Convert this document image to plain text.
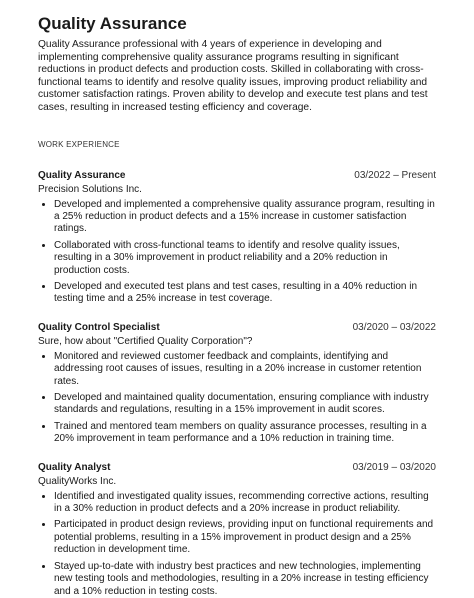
Quality Assurance

Quality Assurance professional with 4 years of experience in developing and implementing comprehensive quality assurance programs resulting in significant reductions in product defects and production costs. Skilled in collaborating with cross-functional teams to identify and resolve quality issues, improving product reliability and customer satisfaction ratings. Proven ability to develop and execute test plans and test cases, resulting in increased testing efficiency and coverage.

WORK EXPERIENCE
Quality Assurance	03/2022 – Present
Precision Solutions Inc.
• Developed and implemented a comprehensive quality assurance program, resulting in a 25% reduction in product defects and a 15% increase in customer satisfaction ratings.
• Collaborated with cross-functional teams to identify and resolve quality issues, resulting in a 30% improvement in product reliability and a 20% reduction in production costs.
• Developed and executed test plans and test cases, resulting in a 40% reduction in testing time and a 25% increase in test coverage.
Quality Control Specialist	03/2020 – 03/2022
Sure, how about "Certified Quality Corporation"?
• Monitored and reviewed customer feedback and complaints, identifying and addressing root causes of issues, resulting in a 20% increase in customer retention rates.
• Developed and maintained quality documentation, ensuring compliance with industry standards and regulations, resulting in a 15% improvement in audit scores.
• Trained and mentored team members on quality assurance processes, resulting in a 20% improvement in team performance and a 10% reduction in training time.
Quality Analyst	03/2019 – 03/2020
QualityWorks Inc.
• Identified and investigated quality issues, recommending corrective actions, resulting in a 30% reduction in product defects and a 20% increase in product reliability.
• Participated in product design reviews, providing input on functional requirements and potential problems, resulting in a 15% improvement in product design and a 25% reduction in development time.
• Stayed up-to-date with industry best practices and new technologies, implementing new testing tools and methodologies, resulting in a 20% increase in testing efficiency and a 10% reduction in testing costs.
